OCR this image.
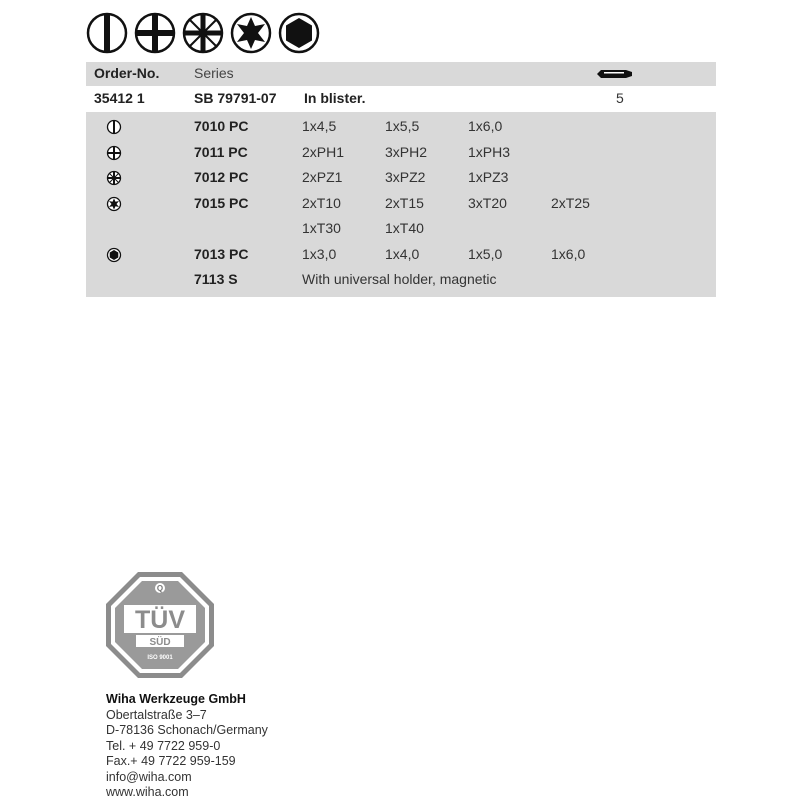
Order-No. Series
35412 1	SB 79791-07 In blister.	5
7010 PC	1x4,5	1x5,5	1x6,0
7011 PC	2xPH1	3xPH2	1xPH3
7012 PC	2xPZ1	3xPZ2	1xPZ3
7015 PC	2xT10	2xT15	3xT20	2xT25
1xT30	1xT40
7013 PC	1x3,0	1x4,0	1x5,0	1x6,0
7113 S	With universal holder, magnetic
Q
TÜV
SÜD
ISO 9001
Wiha Werkzeuge GmbH
Obertalstraße 3–7
D-78136 Schonach/Germany
Tel. + 49 7722 959-0
Fax.+ 49 7722 959-159
info@wiha.com
www.wiha.com
